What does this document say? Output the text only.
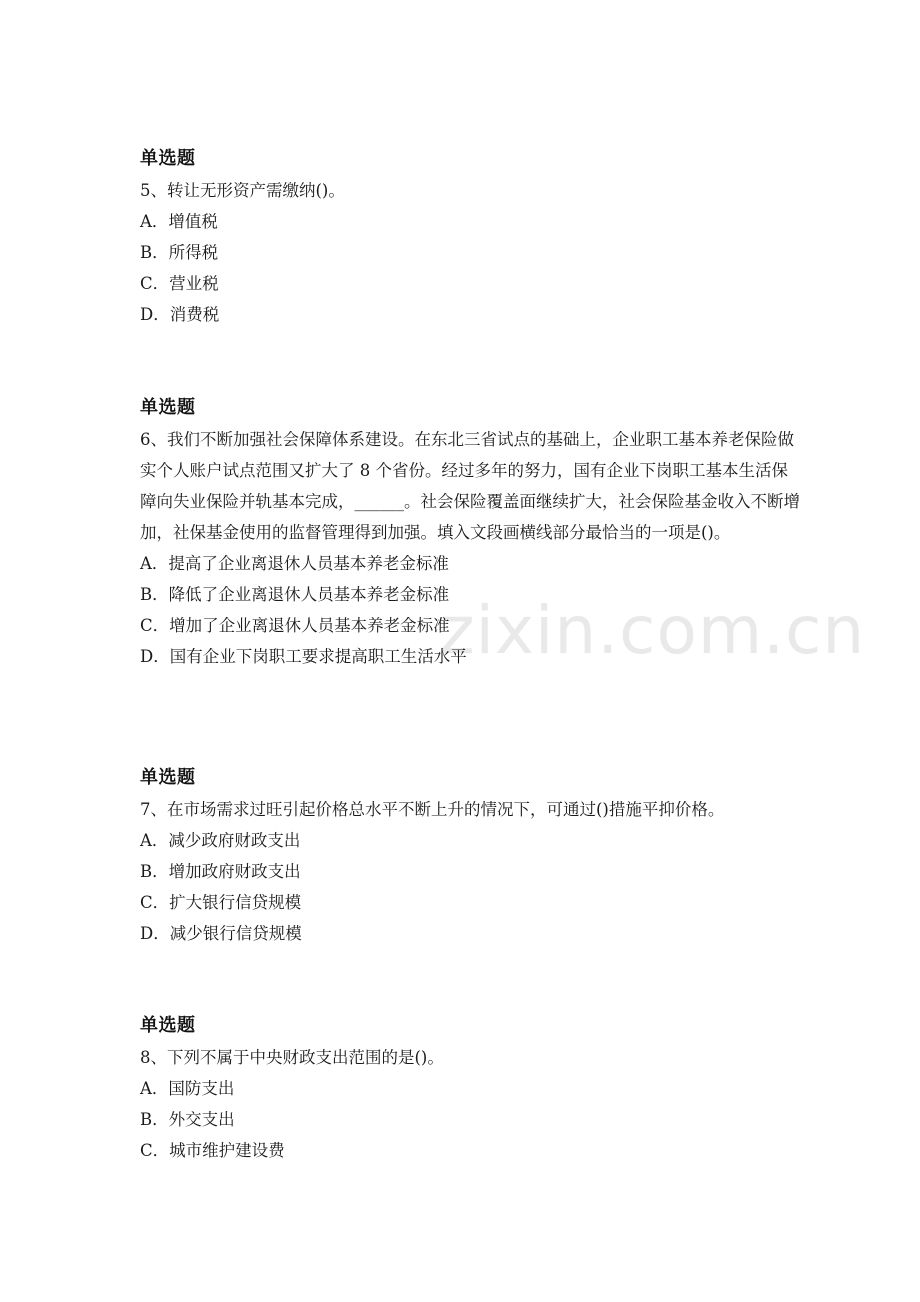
zixin.com.cn
单选题
5、转让无形资产需缴纳()。
A．增值税
B．所得税
C．营业税
D．消费税
单选题
6、我们不断加强社会保障体系建设。在东北三省试点的基础上，企业职工基本养老保险做实个人账户试点范围又扩大了 8 个省份。经过多年的努力，国有企业下岗职工基本生活保障向失业保险并轨基本完成，______。社会保险覆盖面继续扩大，社会保险基金收入不断增加，社保基金使用的监督管理得到加强。填入文段画横线部分最恰当的一项是()。
A．提高了企业离退休人员基本养老金标准
B．降低了企业离退休人员基本养老金标准
C．增加了企业离退休人员基本养老金标准
D．国有企业下岗职工要求提高职工生活水平
单选题
7、在市场需求过旺引起价格总水平不断上升的情况下，可通过()措施平抑价格。
A．减少政府财政支出
B．增加政府财政支出
C．扩大银行信贷规模
D．减少银行信贷规模
单选题
8、下列不属于中央财政支出范围的是()。
A．国防支出
B．外交支出
C．城市维护建设费
